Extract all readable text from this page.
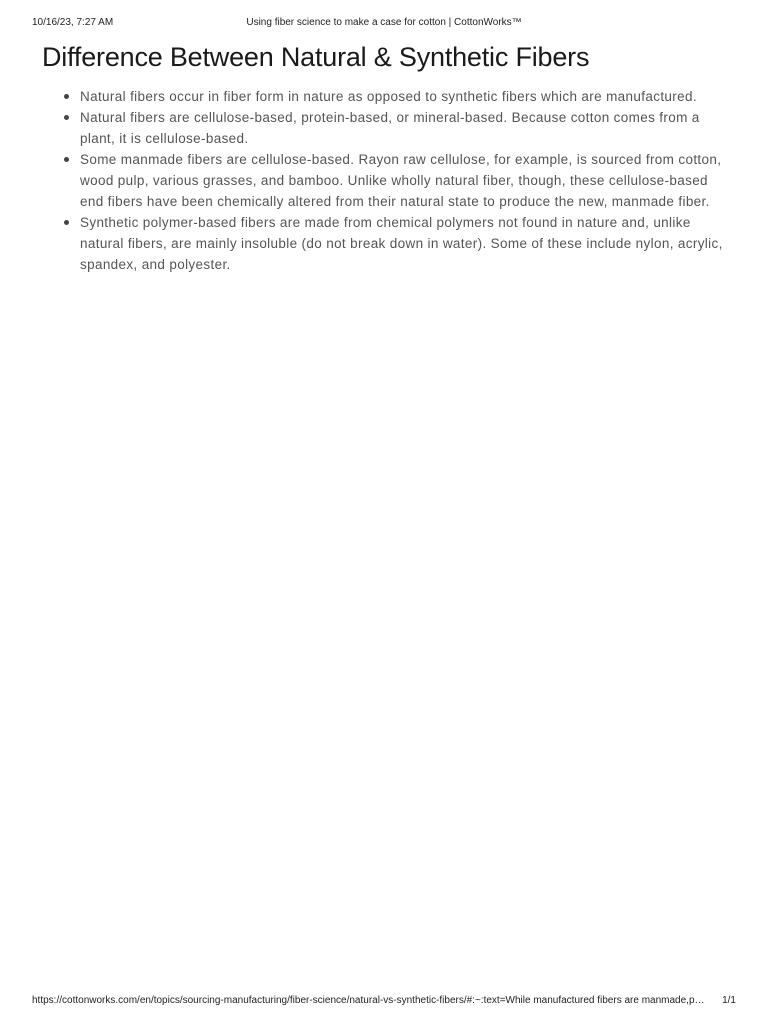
10/16/23, 7:27 AM	Using fiber science to make a case for cotton | CottonWorks™
Difference Between Natural & Synthetic Fibers
Natural fibers occur in fiber form in nature as opposed to synthetic fibers which are manufactured.
Natural fibers are cellulose-based, protein-based, or mineral-based. Because cotton comes from a plant, it is cellulose-based.
Some manmade fibers are cellulose-based. Rayon raw cellulose, for example, is sourced from cotton, wood pulp, various grasses, and bamboo. Unlike wholly natural fiber, though, these cellulose-based end fibers have been chemically altered from their natural state to produce the new, manmade fiber.
Synthetic polymer-based fibers are made from chemical polymers not found in nature and, unlike natural fibers, are mainly insoluble (do not break down in water). Some of these include nylon, acrylic, spandex, and polyester.
https://cottonworks.com/en/topics/sourcing-manufacturing/fiber-science/natural-vs-synthetic-fibers/#:~:text=While manufactured fibers are manmade,p… 1/1
